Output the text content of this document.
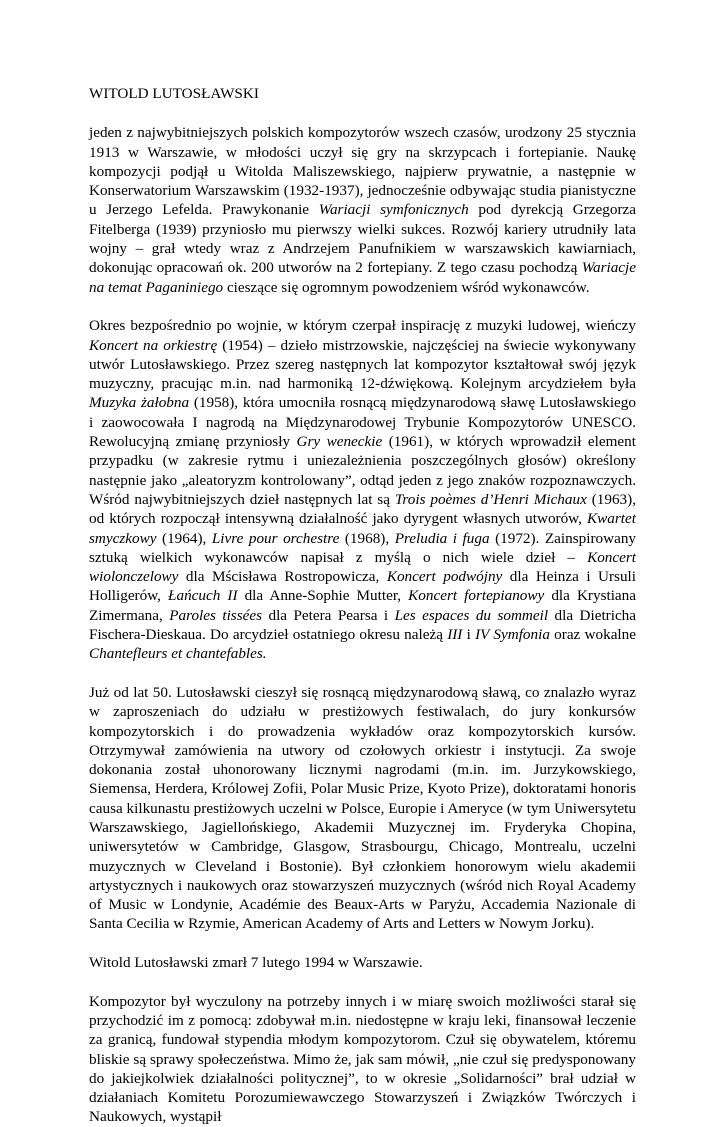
WITOLD LUTOSŁAWSKI

jeden z najwybitniejszych polskich kompozytorów wszech czasów, urodzony 25 stycznia 1913 w Warszawie, w młodości uczył się gry na skrzypcach i fortepianie. Naukę kompozycji podjął u Witolda Maliszewskiego, najpierw prywatnie, a następnie w Konserwatorium Warszawskim (1932-1937), jednocześnie odbywając studia pianistyczne u Jerzego Lefelda. Prawykonanie Wariacji symfonicznych pod dyrekcją Grzegorza Fitelberga (1939) przyniosło mu pierwszy wielki sukces. Rozwój kariery utrudniły lata wojny – grał wtedy wraz z Andrzejem Panufnikiem w warszawskich kawiarniach, dokonując opracowań ok. 200 utworów na 2 fortepiany. Z tego czasu pochodzą Wariacje na temat Paganiniego cieszące się ogromnym powodzeniem wśród wykonawców.

Okres bezpośrednio po wojnie, w którym czerpał inspirację z muzyki ludowej, wieńczy Koncert na orkiestrę (1954) – dzieło mistrzowskie, najczęściej na świecie wykonywany utwór Lutosławskiego. Przez szereg następnych lat kompozytor kształtował swój język muzyczny, pracując m.in. nad harmoniką 12-dźwiękową. Kolejnym arcydziełem była Muzyka żałobna (1958), która umocniła rosnącą międzynarodową sławę Lutosławskiego i zaowocowała I nagrodą na Międzynarodowej Trybunie Kompozytorów UNESCO. Rewolucyjną zmianę przyniosły Gry weneckie (1961), w których wprowadził element przypadku (w zakresie rytmu i uniezależnienia poszczególnych głosów) określony następnie jako „aleatoryzm kontrolowany”, odtąd jeden z jego znaków rozpoznawczych. Wśród najwybitniejszych dzieł następnych lat są Trois poèmes d’Henri Michaux (1963), od których rozpoczął intensywną działalność jako dyrygent własnych utworów, Kwartet smyczkowy (1964), Livre pour orchestre (1968), Preludia i fuga (1972). Zainspirowany sztuką wielkich wykonawców napisał z myślą o nich wiele dzieł – Koncert wiolonczelowy dla Mścisława Rostropowicza, Koncert podwójny dla Heinza i Ursuli Holligerów, Łańcuch II dla Anne-Sophie Mutter, Koncert fortepianowy dla Krystiana Zimermana, Paroles tissées dla Petera Pearsa i Les espaces du sommeil dla Dietricha Fischera-Dieskaua. Do arcydzieł ostatniego okresu należą III i IV Symfonia oraz wokalne Chantefleurs et chantefables.

Już od lat 50. Lutosławski cieszył się rosnącą międzynarodową sławą, co znalazło wyraz w zaproszeniach do udziału w prestiżowych festiwalach, do jury konkursów kompozytorskich i do prowadzenia wykładów oraz kompozytorskich kursów. Otrzymywał zamówienia na utwory od czołowych orkiestr i instytucji. Za swoje dokonania został uhonorowany licznymi nagrodami (m.in. im. Jurzykowskiego, Siemensa, Herdera, Królowej Zofii, Polar Music Prize, Kyoto Prize), doktoratami honoris causa kilkunastu prestiżowych uczelni w Polsce, Europie i Ameryce (w tym Uniwersytetu Warszawskiego, Jagiellońskiego, Akademii Muzycznej im. Fryderyka Chopina, uniwersytetów w Cambridge, Glasgow, Strasbourgu, Chicago, Montrealu, uczelni muzycznych w Cleveland i Bostonie). Był członkiem honorowym wielu akademii artystycznych i naukowych oraz stowarzyszeń muzycznych (wśród nich Royal Academy of Music w Londynie, Académie des Beaux-Arts w Paryżu, Accademia Nazionale di Santa Cecilia w Rzymie, American Academy of Arts and Letters w Nowym Jorku).

Witold Lutosławski zmarł 7 lutego 1994 w Warszawie.

Kompozytor był wyczulony na potrzeby innych i w miarę swoich możliwości starał się przychodzić im z pomocą: zdobywał m.in. niedostępne w kraju leki, finansował leczenie za granicą, fundował stypendia młodym kompozytorom. Czuł się obywatelem, któremu bliskie są sprawy społeczeństwa. Mimo że, jak sam mówił, „nie czuł się predysponowany do jakiejkolwiek działalności politycznej”, to w okresie „Solidarności” brał udział w działaniach Komitetu Porozumiewawczego Stowarzyszeń i Związków Twórczych i Naukowych, wystąpił
